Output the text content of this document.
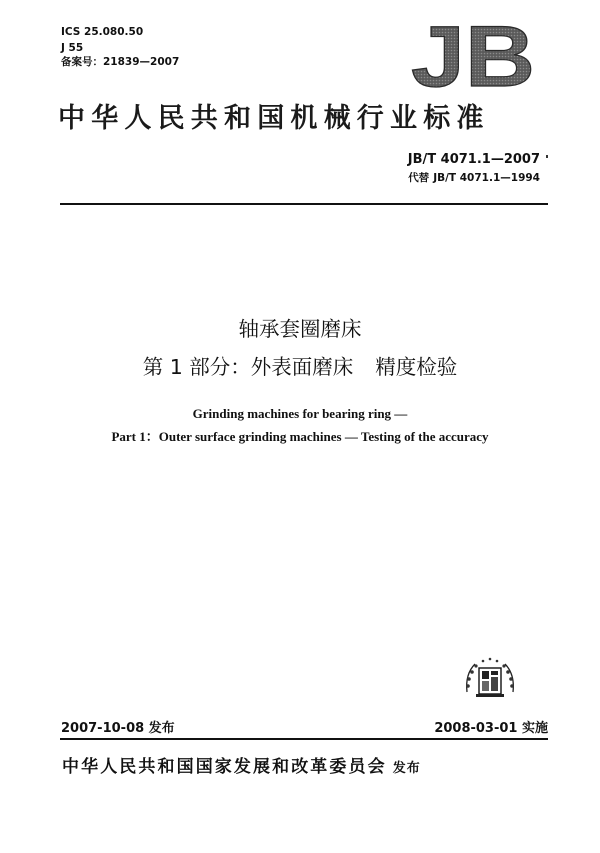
ICS 25.080.50
J 55
备案号：21839—2007	JB
中华人民共和国机械行业标准
JB/T 4071.1—2007
代替 JB/T 4071.1—1994
轴承套圈磨床
第 1 部分：外表面磨床 精度检验
Grinding machines for bearing ring —
Part 1：Outer surface grinding machines — Testing of the accuracy
2007-10-08 发布	2008-03-01 实施
中华人民共和国国家发展和改革委员会 发布
